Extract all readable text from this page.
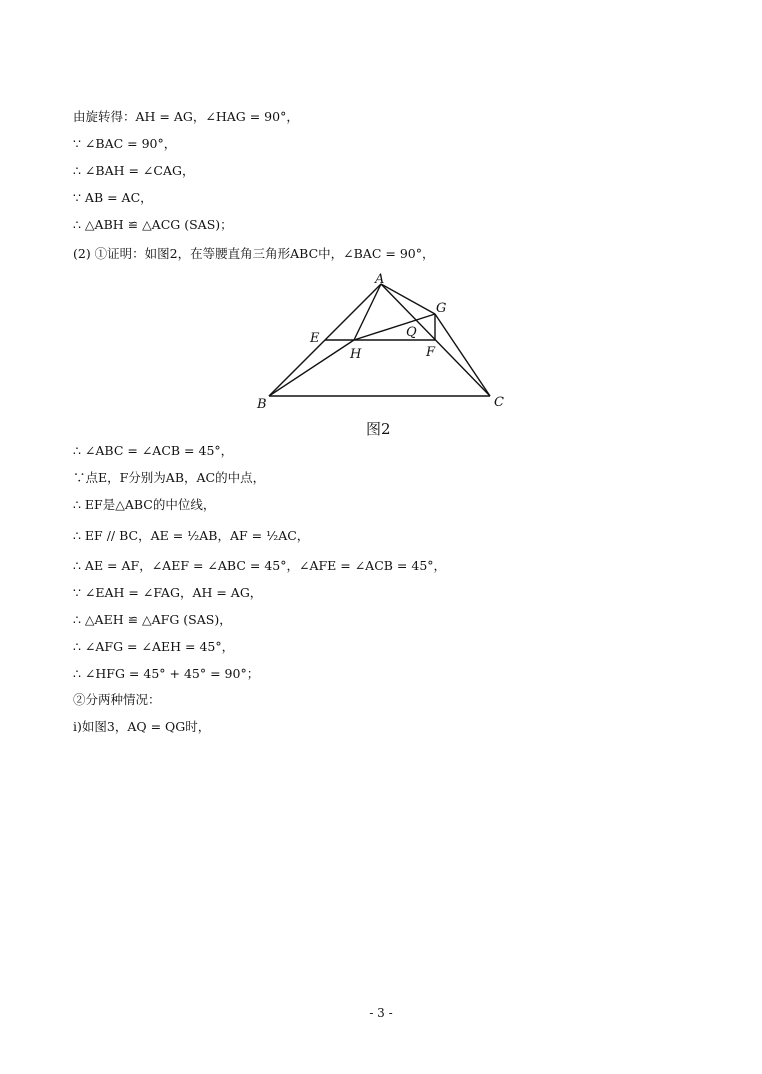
由旋转得：AH = AG，∠HAG = 90°，
∵ ∠BAC = 90°，
∴ ∠BAH = ∠CAG，
∵ AB = AC，
∴ △ABH ≌ △ACG (SAS)；
(2) ①证明：如图2，在等腰直角三角形ABC中，∠BAC = 90°，
A
B	C
E
F
G
H
Q
图2
∴ ∠ABC = ∠ACB = 45°，
∵点E，F分别为AB，AC的中点，
∴ EF是△ABC的中位线，
∴ EF // BC，AE = ½AB，AF = ½AC，
∴ AE = AF，∠AEF = ∠ABC = 45°，∠AFE = ∠ACB = 45°，
∵ ∠EAH = ∠FAG，AH = AG，
∴ △AEH ≌ △AFG (SAS)，
∴ ∠AFG = ∠AEH = 45°，
∴ ∠HFG = 45° + 45° = 90°；
②分两种情况：
i)如图3，AQ = QG时，
- 3 -
